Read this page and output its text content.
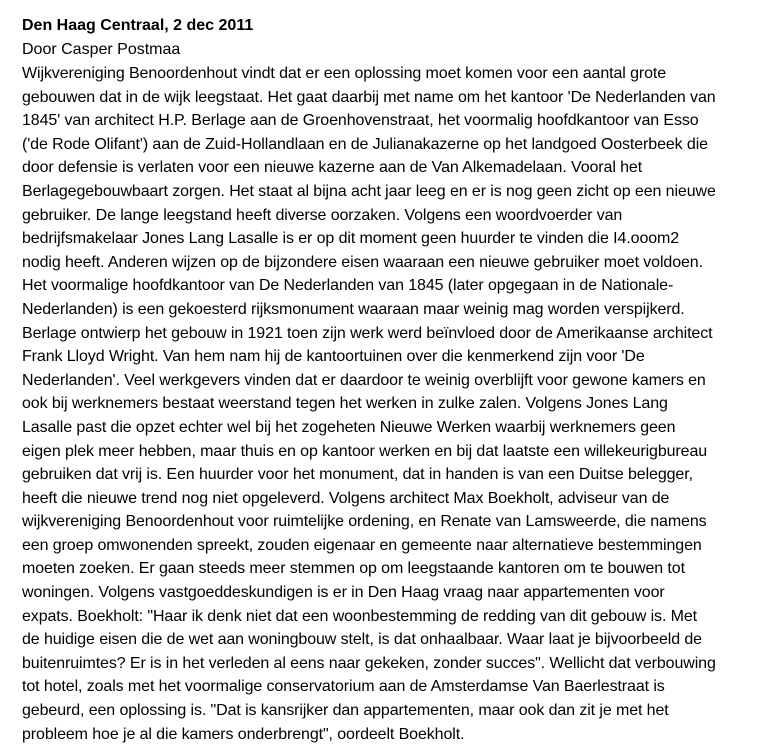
Den Haag Centraal, 2 dec 2011

Door Casper Postmaa

Wijkvereniging Benoordenhout vindt dat er een oplossing moet komen voor een aantal grote
gebouwen dat in de wijk leegstaat. Het gaat daarbij met name om het kantoor 'De Nederlanden van
1845' van architect H.P. Berlage aan de Groenhovenstraat, het voormalig hoofdkantoor van Esso
('de Rode Olifant') aan de Zuid-Hollandlaan en de Julianakazerne op het landgoed Oosterbeek die
door defensie is verlaten voor een nieuwe kazerne aan de Van Alkemadelaan. Vooral het
Berlagegebouwbaart zorgen. Het staat al bijna acht jaar leeg en er is nog geen zicht op een nieuwe
gebruiker. De lange leegstand heeft diverse oorzaken. Volgens een woordvoerder van
bedrijfsmakelaar Jones Lang Lasalle is er op dit moment geen huurder te vinden die I4.ooom2
nodig heeft. Anderen wijzen op de bijzondere eisen waaraan een nieuwe gebruiker moet voldoen.
Het voormalige hoofdkantoor van De Nederlanden van 1845 (later opgegaan in de Nationale-
Nederlanden) is een gekoesterd rijksmonument waaraan maar weinig mag worden verspijkerd.
Berlage ontwierp het gebouw in 1921 toen zijn werk werd beïnvloed door de Amerikaanse architect
Frank Lloyd Wright. Van hem nam hij de kantoortuinen over die kenmerkend zijn voor 'De
Nederlanden'. Veel werkgevers vinden dat er daardoor te weinig overblijft voor gewone kamers en
ook bij werknemers bestaat weerstand tegen het werken in zulke zalen. Volgens Jones Lang
Lasalle past die opzet echter wel bij het zogeheten Nieuwe Werken waarbij werknemers geen
eigen plek meer hebben, maar thuis en op kantoor werken en bij dat laatste een willekeurigbureau
gebruiken dat vrij is. Een huurder voor het monument, dat in handen is van een Duitse belegger,
heeft die nieuwe trend nog niet opgeleverd. Volgens architect Max Boekholt, adviseur van de
wijkvereniging Benoordenhout voor ruimtelijke ordening, en Renate van Lamsweerde, die namens
een groep omwonenden spreekt, zouden eigenaar en gemeente naar alternatieve bestemmingen
moeten zoeken. Er gaan steeds meer stemmen op om leegstaande kantoren om te bouwen tot
woningen. Volgens vastgoeddeskundigen is er in Den Haag vraag naar appartementen voor
expats. Boekholt: "Haar ik denk niet dat een woonbestemming de redding van dit gebouw is. Met
de huidige eisen die de wet aan woningbouw stelt, is dat onhaalbaar. Waar laat je bijvoorbeeld de
buitenruimtes? Er is in het verleden al eens naar gekeken, zonder succes". Wellicht dat verbouwing
tot hotel, zoals met het voormalige conservatorium aan de Amsterdamse Van Baerlestraat is
gebeurd, een oplossing is. "Dat is kansrijker dan appartementen, maar ook dan zit je met het
probleem hoe je al die kamers onderbrengt", oordeelt Boekholt.
